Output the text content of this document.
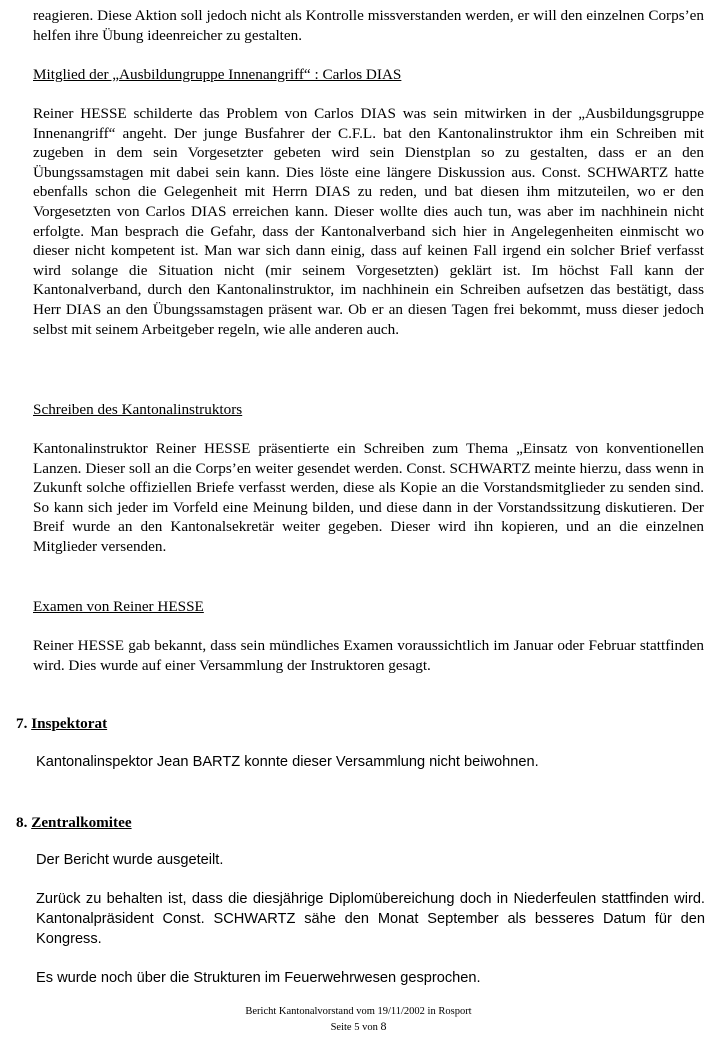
reagieren. Diese Aktion soll jedoch nicht als Kontrolle missverstanden werden, er will den einzelnen Corps’en helfen ihre Übung ideenreicher zu gestalten.

Mitglied der „Ausbildungruppe Innenangriff“ : Carlos DIAS

Reiner HESSE schilderte das Problem von Carlos DIAS was sein mitwirken in der „Ausbildungsgruppe Innenangriff“ angeht. Der junge Busfahrer der C.F.L. bat den Kantonalinstruktor ihm ein Schreiben mit zugeben in dem sein Vorgesetzter gebeten wird sein Dienstplan so zu gestalten, dass er an den Übungssamstagen mit dabei sein kann. Dies löste eine längere Diskussion aus. Const. SCHWARTZ hatte ebenfalls schon die Gelegenheit mit Herrn DIAS zu reden, und bat diesen ihm mitzuteilen, wo er den Vorgesetzten von Carlos DIAS erreichen kann. Dieser wollte dies auch tun, was aber im nachhinein nicht erfolgte. Man besprach die Gefahr, dass der Kantonalverband sich hier in Angelegenheiten einmischt wo dieser nicht kompetent ist. Man war sich dann einig, dass auf keinen Fall irgend ein solcher Brief verfasst wird solange die Situation nicht (mir seinem Vorgesetzten) geklärt ist. Im höchst Fall kann der Kantonalverband, durch den Kantonalinstruktor, im nachhinein ein Schreiben aufsetzen das bestätigt, dass Herr DIAS an den Übungssamstagen präsent war. Ob er an diesen Tagen frei bekommt, muss dieser jedoch selbst mit seinem Arbeitgeber regeln, wie alle anderen auch.

Schreiben des Kantonalinstruktors

Kantonalinstruktor Reiner HESSE präsentierte ein Schreiben zum Thema „Einsatz von konventionellen Lanzen. Dieser soll an die Corps’en weiter gesendet werden. Const. SCHWARTZ meinte hierzu, dass wenn in Zukunft solche offiziellen Briefe verfasst werden, diese als Kopie an die Vorstandsmitglieder zu senden sind. So kann sich jeder im Vorfeld eine Meinung bilden, und diese dann in der Vorstandssitzung diskutieren. Der Breif wurde an den Kantonalsekretär weiter gegeben. Dieser wird ihn kopieren, und an die einzelnen Mitglieder versenden.

Examen von Reiner HESSE

Reiner HESSE gab bekannt, dass sein mündliches Examen voraussichtlich im Januar oder Februar stattfinden wird. Dies wurde auf einer Versammlung der Instruktoren gesagt.

7. Inspektorat

Kantonalinspektor Jean BARTZ konnte dieser Versammlung nicht beiwohnen.

8. Zentralkomitee

Der Bericht wurde ausgeteilt.

Zurück zu behalten ist, dass die diesjährige Diplomübereichung doch in Niederfeulen stattfinden wird. Kantonalpräsident Const. SCHWARTZ sähe den Monat September als besseres Datum für den Kongress.

Es wurde noch über die Strukturen im Feuerwehrwesen gesprochen.

Bericht Kantonalvorstand vom 19/11/2002 in Rosport

Seite 5 von 8
